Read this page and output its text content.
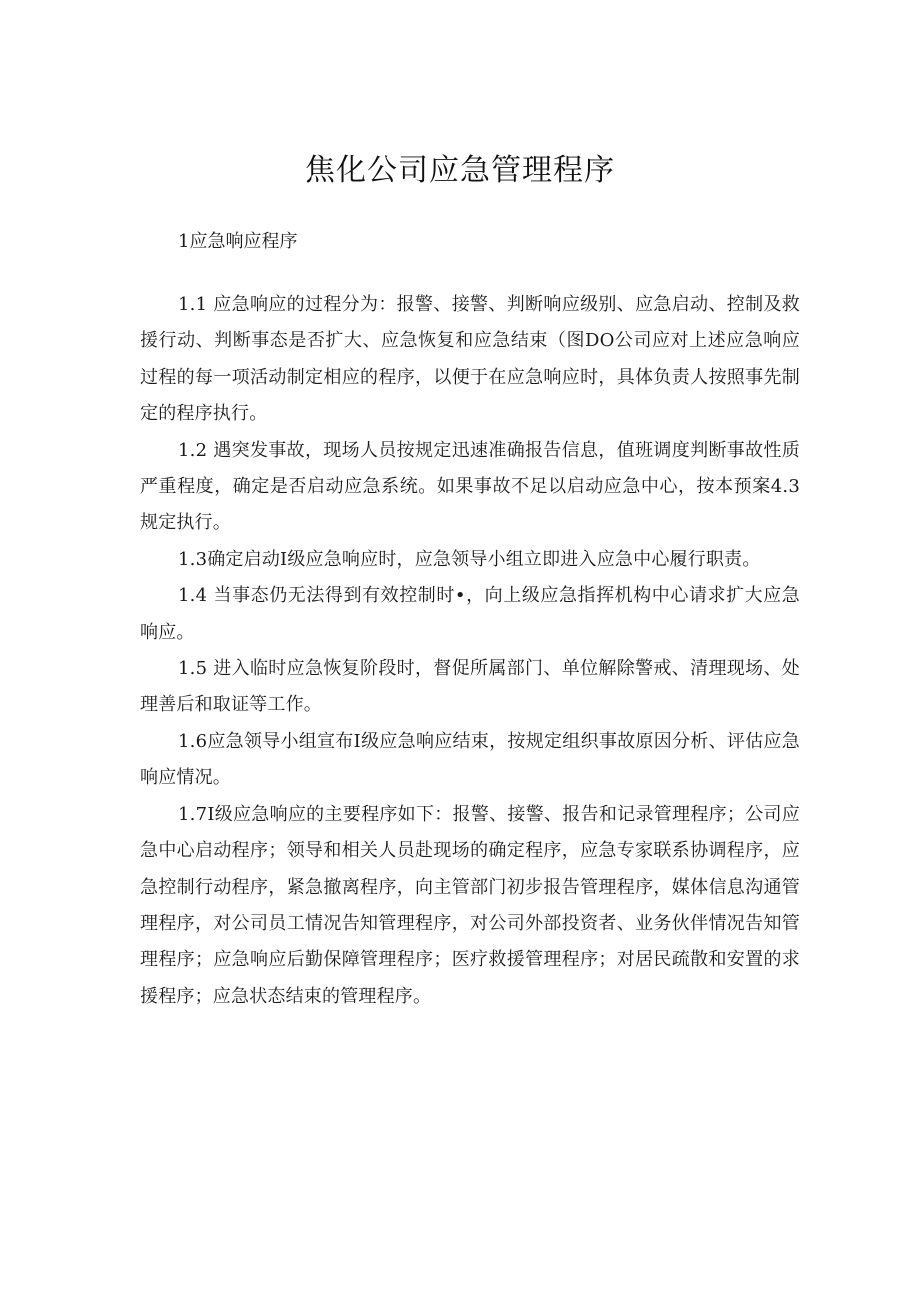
焦化公司应急管理程序
1应急响应程序

1.1 应急响应的过程分为：报警、接警、判断响应级别、应急启动、控制及救援行动、判断事态是否扩大、应急恢复和应急结束（图DO公司应对上述应急响应过程的每一项活动制定相应的程序，以便于在应急响应时，具体负责人按照事先制定的程序执行。

1.2 遇突发事故，现场人员按规定迅速准确报告信息，值班调度判断事故性质严重程度，确定是否启动应急系统。如果事故不足以启动应急中心，按本预案4.3规定执行。

1.3确定启动Ⅰ级应急响应时，应急领导小组立即进入应急中心履行职责。

1.4 当事态仍无法得到有效控制时•，向上级应急指挥机构中心请求扩大应急响应。

1.5 进入临时应急恢复阶段时，督促所属部门、单位解除警戒、清理现场、处理善后和取证等工作。

1.6应急领导小组宣布Ⅰ级应急响应结束，按规定组织事故原因分析、评估应急响应情况。

1.7Ⅰ级应急响应的主要程序如下：报警、接警、报告和记录管理程序；公司应急中心启动程序；领导和相关人员赴现场的确定程序，应急专家联系协调程序，应急控制行动程序，紧急撤离程序，向主管部门初步报告管理程序，媒体信息沟通管理程序，对公司员工情况告知管理程序，对公司外部投资者、业务伙伴情况告知管理程序；应急响应后勤保障管理程序；医疗救援管理程序；对居民疏散和安置的求援程序；应急状态结束的管理程序。
